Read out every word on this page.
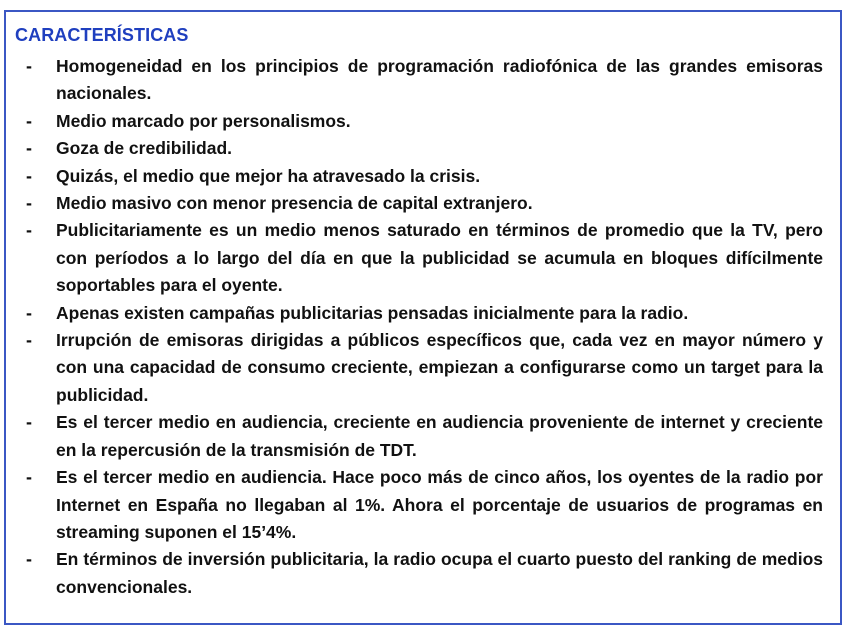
CARACTERÍSTICAS
-	Homogeneidad en los principios de programación radiofónica de las grandes emisoras nacionales.
-	Medio marcado por personalismos.
-	Goza de credibilidad.
-	Quizás, el medio que mejor ha atravesado la crisis.
-	Medio masivo con menor presencia de capital extranjero.
-	Publicitariamente es un medio menos saturado en términos de promedio que la TV, pero con períodos a lo largo del día en que la publicidad se acumula en bloques difícilmente soportables para el oyente.
-	Apenas existen campañas publicitarias pensadas inicialmente para la radio.
-	Irrupción de emisoras dirigidas a públicos específicos que, cada vez en mayor número y con una capacidad de consumo creciente, empiezan a configurarse como un target para la publicidad.
-	Es el tercer medio en audiencia, creciente en audiencia proveniente de internet y creciente en la repercusión de la transmisión de TDT.
-	Es el tercer medio en audiencia. Hace poco más de cinco años, los oyentes de la radio por Internet en España no llegaban al 1%. Ahora el porcentaje de usuarios de programas en streaming suponen el 15’4%.
-	En términos de inversión publicitaria, la radio ocupa el cuarto puesto del ranking de medios convencionales.
